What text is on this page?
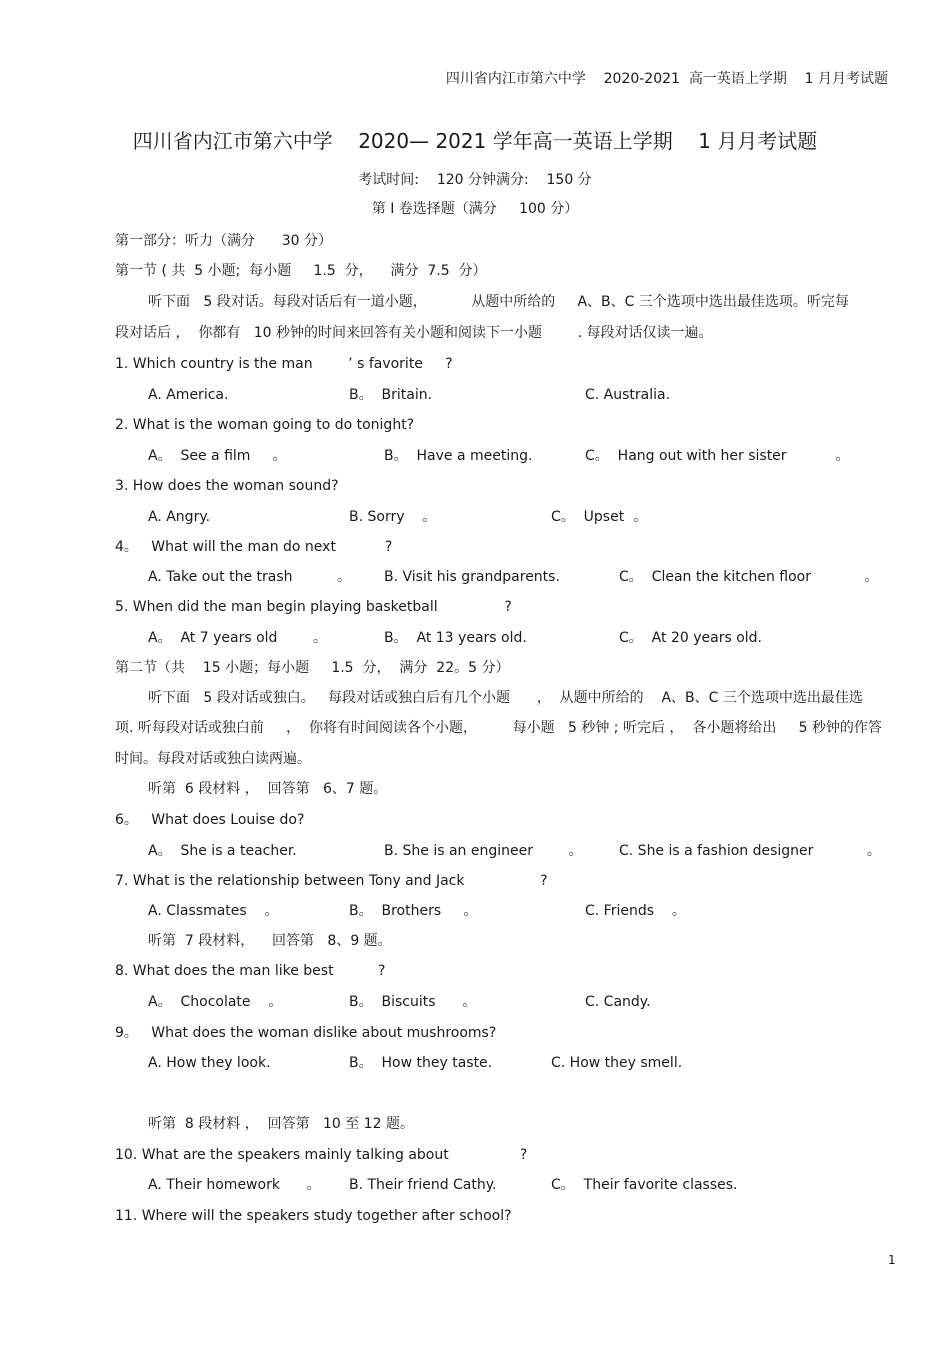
四川省内江市第六中学    2020-2021  高一英语上学期    1 月月考试题
四川省内江市第六中学    2020— 2021 学年高一英语上学期    1 月月考试题
考试时间:    120 分钟满分:    150 分
第 I 卷选择题（满分     100 分）
第一部分：听力（满分      30 分）
第一节 ( 共  5 小题;  每小题     1.5  分，    满分  7.5  分）
听下面   5 段对话。每段对话后有一道小题，          从题中所给的     A、B、C 三个选项中选出最佳选项。听完每
段对话后 ，  你都有   10 秒钟的时间来回答有关小题和阅读下一小题        . 每段对话仅读一遍。
1. Which country is the man        ’ s favorite     ?
A. America.	B。  Britain.	C. Australia.
2. What is the woman going to do tonight?
A。  See a film     。	B。  Have a meeting.	C。  Hang out with her sister           。
3. How does the woman sound?
A. Angry.	B. Sorry    。	C。  Upset  。
4。   What will the man do next           ?
A. Take out the trash          。 B. Visit his grandparents.	C。  Clean the kitchen floor            。
5. When did the man begin playing basketball               ?
A。  At 7 years old        。	B。  At 13 years old.	C。  At 20 years old.
第二节（共    15 小题；每小题     1.5  分，  满分  22。5 分）
听下面   5 段对话或独白。   每段对话或独白后有几个小题      ，  从题中所给的    A、B、C 三个选项中选出最佳选
项. 听每段对话或独白前     ，  你将有时间阅读各个小题，        每小题   5 秒钟 ; 听完后 ，  各小题将给出     5 秒钟的作答
时间。每段对话或独白读两遍。
听第  6 段材料 ，  回答第   6、7 题。
6。   What does Louise do?
A。  She is a teacher.	B. She is an engineer        。	C. She is a fashion designer            。
7. What is the relationship between Tony and Jack                 ?
A. Classmates    。	B。  Brothers     。	C. Friends    。
听第  7 段材料，    回答第   8、9 题。
8. What does the man like best          ?
A。  Chocolate    。	B。  Biscuits      。	C. Candy.
9。   What does the woman dislike about mushrooms?
A. How they look.	B。  How they taste.	C. How they smell.
听第  8 段材料 ，  回答第   10 至 12 题。
10. What are the speakers mainly talking about                ?
A. Their homework      。 B. Their friend Cathy.	C。  Their favorite classes.
11. Where will the speakers study together after school?
1
